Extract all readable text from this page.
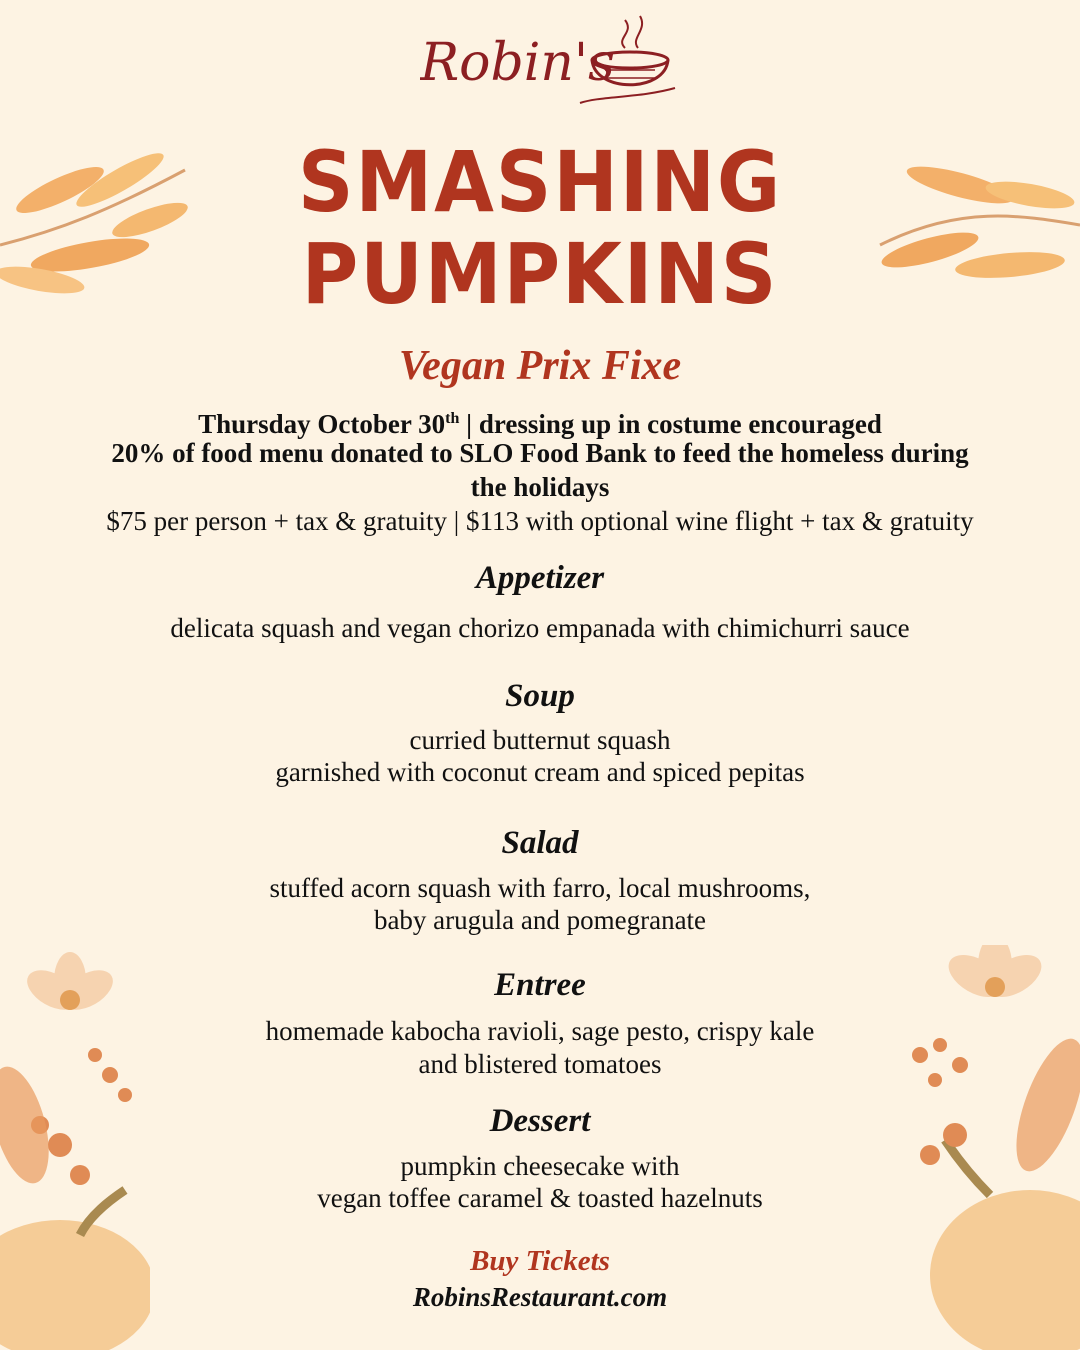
Robin's
SMASHING
PUMPKINS
Vegan Prix Fixe
Thursday October 30th | dressing up in costume encouraged
20% of food menu donated to SLO Food Bank to feed the homeless during
the holidays
$75 per person + tax & gratuity | $113 with optional wine flight + tax & gratuity
Appetizer
delicata squash and vegan chorizo empanada with chimichurri sauce
Soup
curried butternut squash
garnished with coconut cream and spiced pepitas
Salad
stuffed acorn squash with farro, local mushrooms,
baby arugula and pomegranate
Entree
homemade kabocha ravioli, sage pesto, crispy kale
and blistered tomatoes
Dessert
pumpkin cheesecake with
vegan toffee caramel & toasted hazelnuts
Buy Tickets
RobinsRestaurant.com
